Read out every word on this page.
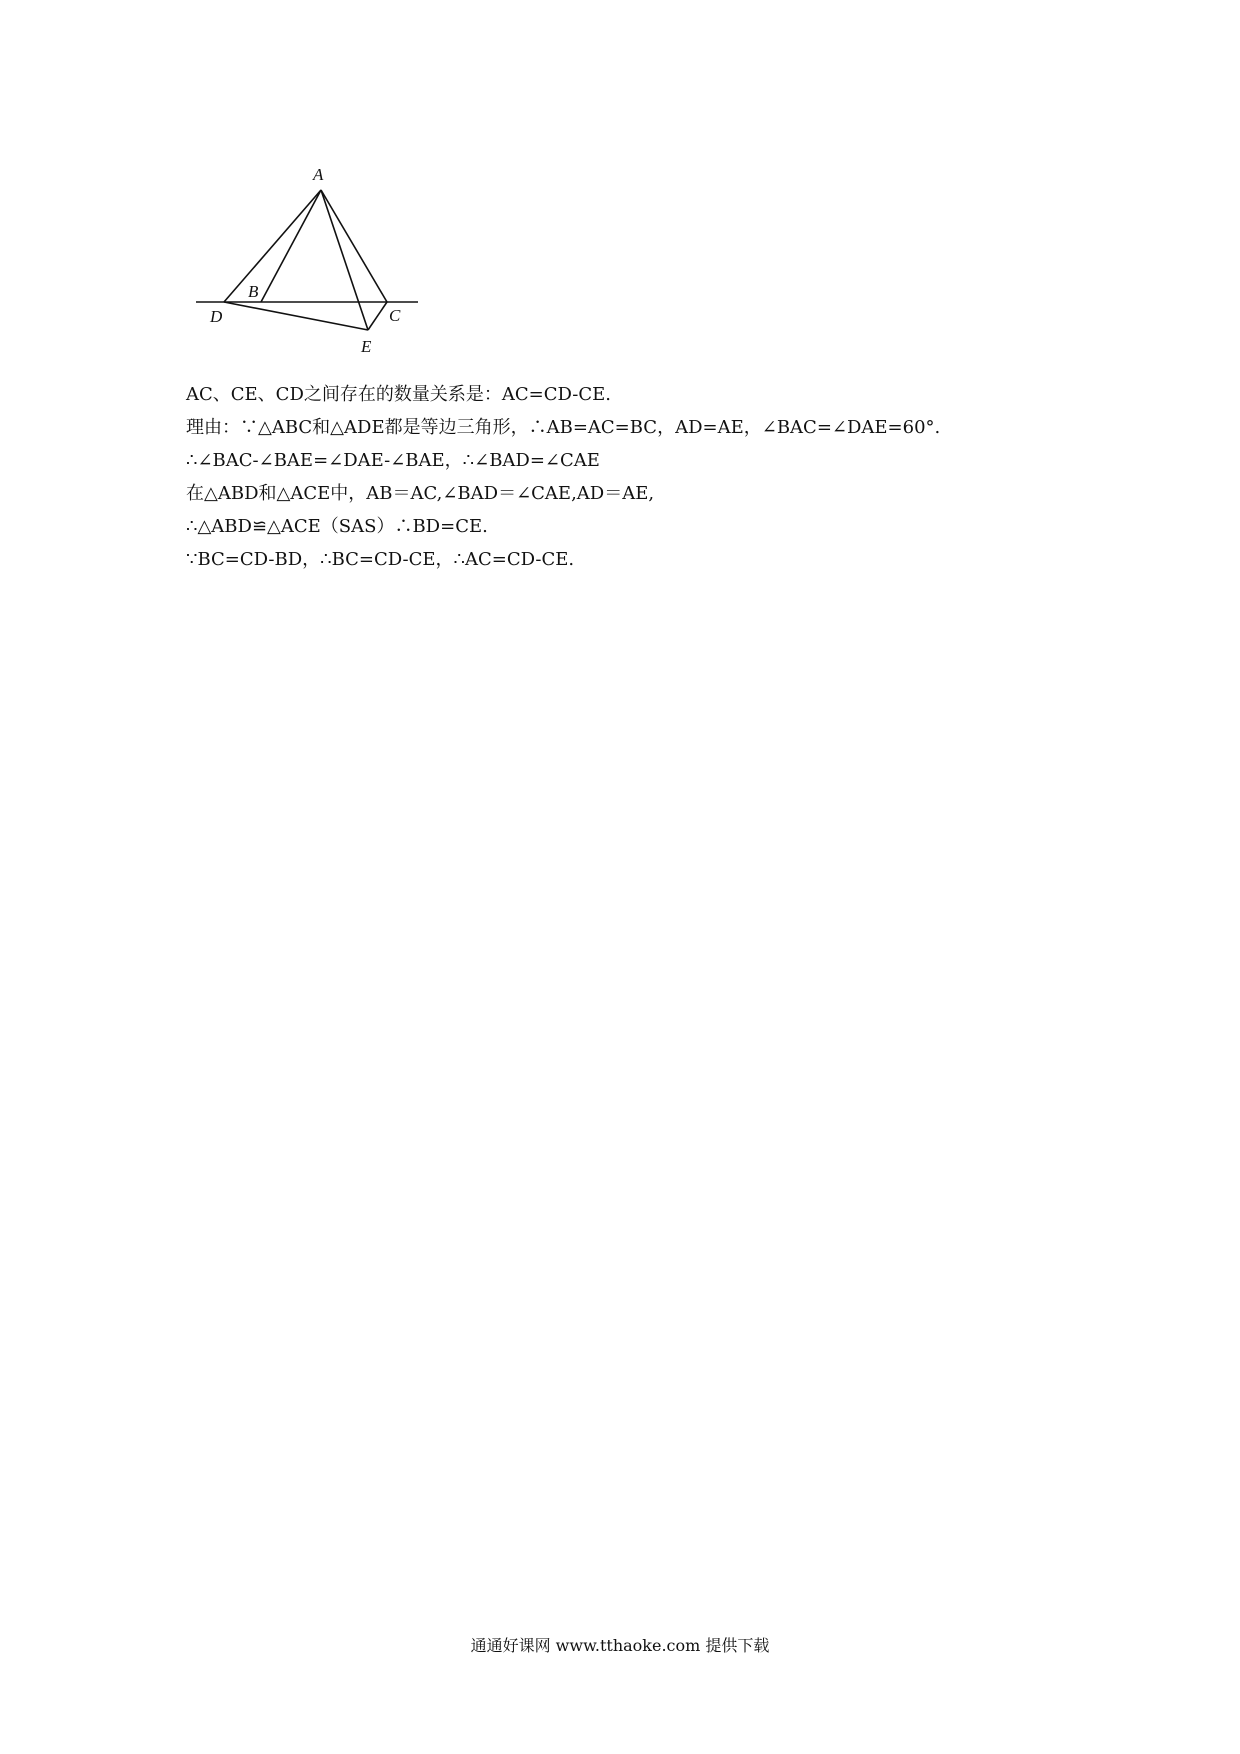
A
B
C
D
E
AC、CE、CD之间存在的数量关系是：AC=CD-CE.
理由：∵△ABC和△ADE都是等边三角形，∴AB=AC=BC，AD=AE，∠BAC=∠DAE=60°.
∴∠BAC-∠BAE=∠DAE-∠BAE，∴∠BAD=∠CAE
在△ABD和△ACE中，AB＝AC,∠BAD＝∠CAE,AD＝AE,
∴△ABD≌△ACE（SAS）∴BD=CE.
∵BC=CD-BD，∴BC=CD-CE，∴AC=CD-CE.
通通好课网 www.tthaoke.com 提供下载
